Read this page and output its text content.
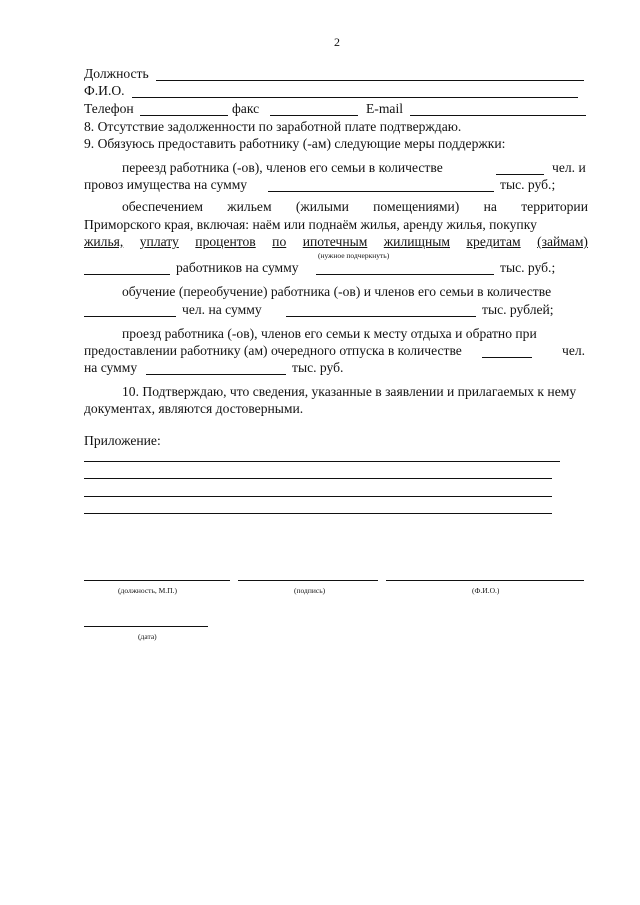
2
Должность
Ф.И.О.
Телефон	факс	E-mail
8. Отсутствие задолженности по заработной плате подтверждаю.
9. Обязуюсь предоставить работнику (-ам) следующие меры поддержки:
переезд работника (-ов), членов его семьи в количестве	чел. и
провоз имущества на сумму	тыс. руб.;
обеспечением жильем (жилыми помещениями) на территории
Приморского края, включая: наём или поднаём жилья, аренду жилья, покупку
жилья, уплату процентов по ипотечным жилищным кредитам (займам)
(нужное подчеркнуть)
работников на сумму	тыс. руб.;
обучение (переобучение) работника (-ов) и членов его семьи в количестве
чел. на сумму	тыс. рублей;
проезд работника (-ов), членов его семьи к месту отдыха и обратно при
предоставлении работнику (ам) очередного отпуска в количестве	чел.
на сумму	тыс. руб.
10. Подтверждаю, что сведения, указанные в заявлении и прилагаемых к нему
документах, являются достоверными.
Приложение:
(должность, М.П.)	(подпись)	(Ф.И.О.)
(дата)
